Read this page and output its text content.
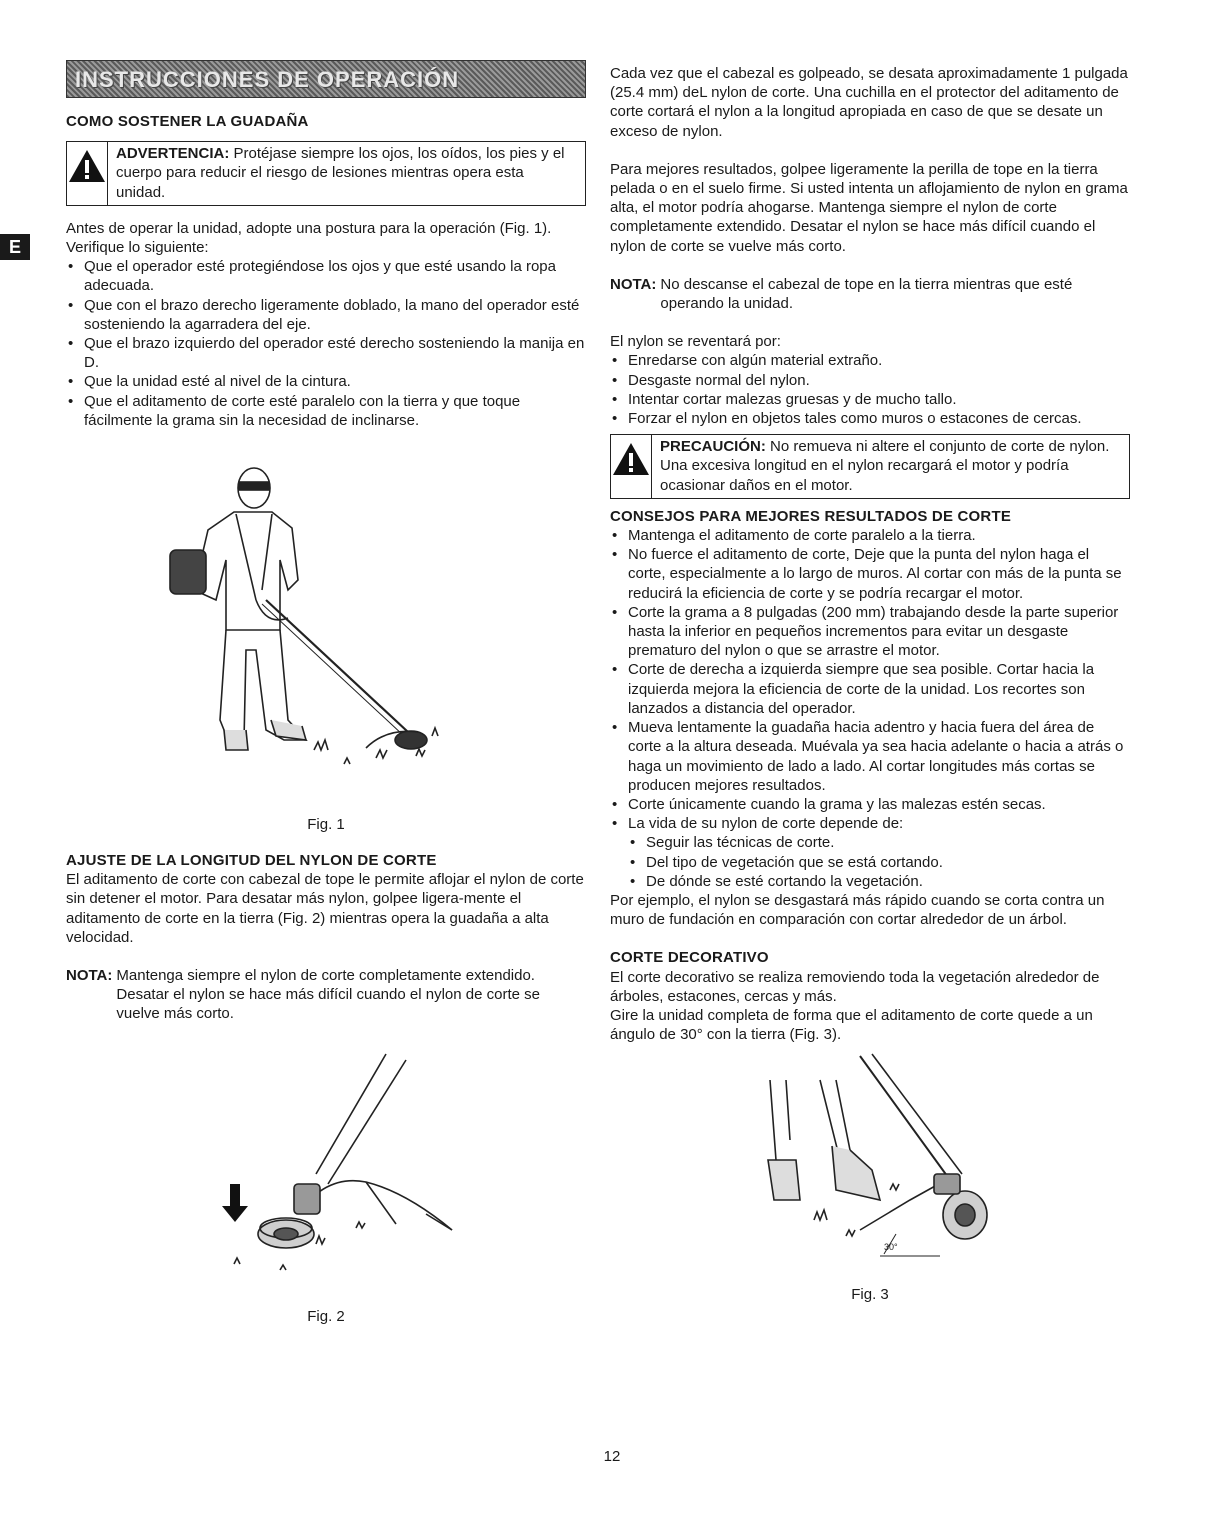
E
INSTRUCCIONES DE OPERACIÓN
COMO SOSTENER LA GUADAÑA
ADVERTENCIA: Protéjase siempre los ojos, los oídos, los pies y el cuerpo para reducir el riesgo de lesiones mientras opera esta unidad.

Antes de operar la unidad, adopte una postura para la operación (Fig. 1). Verifique lo siguiente:

• Que el operador esté protegiéndose los ojos y que esté usando la ropa adecuada.
• Que con el brazo derecho ligeramente doblado, la mano del operador esté sosteniendo la agarradera del eje.
• Que el brazo izquierdo del operador esté derecho sosteniendo la manija en D.
• Que la unidad esté al nivel de la cintura.
• Que el aditamento de corte esté paralelo con la tierra y que toque fácilmente la grama sin la necesidad de inclinarse.
Fig. 1
AJUSTE DE LA LONGITUD DEL NYLON DE CORTE

El aditamento de corte con cabezal de tope le permite aflojar el nylon de corte sin detener el motor. Para desatar más nylon, golpee ligera-mente el aditamento de corte en la tierra (Fig. 2) mientras opera la guadaña a alta velocidad.

NOTA: Mantenga siempre el nylon de corte completamente extendido. Desatar el nylon se hace más difícil cuando el nylon de corte se vuelve más corto.
Fig. 2

Cada vez que el cabezal es golpeado, se desata aproximadamente 1 pulgada (25.4 mm) deL nylon de corte. Una cuchilla en el protector del aditamento de corte cortará el nylon a la longitud apropiada en caso de que se desate un exceso de nylon.

Para mejores resultados, golpee ligeramente la perilla de tope en la tierra pelada o en el suelo firme. Si usted intenta un aflojamiento de nylon en grama alta, el motor podría ahogarse. Mantenga siempre el nylon de corte completamente extendido. Desatar el nylon se hace más difícil cuando el nylon de corte se vuelve más corto.

NOTA: No descanse el cabezal de tope en la tierra mientras que esté operando la unidad.

El nylon se reventará por:

• Enredarse con algún material extraño.
• Desgaste normal del nylon.
• Intentar cortar malezas gruesas y de mucho tallo.
• Forzar el nylon en objetos tales como muros o estacones de cercas.
PRECAUCIÓN: No remueva ni altere el conjunto de corte de nylon. Una excesiva longitud en el nylon recargará el motor y podría ocasionar daños en el motor.
CONSEJOS PARA MEJORES RESULTADOS DE CORTE
• Mantenga el aditamento de corte paralelo a la tierra.
• No fuerce el aditamento de corte, Deje que la punta del nylon haga el corte, especialmente a lo largo de muros. Al cortar con más de la punta se reducirá la eficiencia de corte y se podría recargar el motor.
• Corte la grama a 8 pulgadas (200 mm) trabajando desde la parte superior hasta la inferior en pequeños incrementos para evitar un desgaste prematuro del nylon o que se arrastre el motor.
• Corte de derecha a izquierda siempre que sea posible. Cortar hacia la izquierda mejora la eficiencia de corte de la unidad. Los recortes son lanzados a distancia del operador.
• Mueva lentamente la guadaña hacia adentro y hacia fuera del área de corte a la altura deseada. Muévala ya sea hacia adelante o hacia a atrás o haga un movimiento de lado a lado. Al cortar longitudes más cortas se producen mejores resultados.
• Corte únicamente cuando la grama y las malezas estén secas.
• La vida de su nylon de corte depende de:
• Seguir las técnicas de corte.
• Del tipo de vegetación que se está cortando.
• De dónde se esté cortando la vegetación.

Por ejemplo, el nylon se desgastará más rápido cuando se corta contra un muro de fundación en comparación con cortar alrededor de un árbol.

CORTE DECORATIVO

El corte decorativo se realiza removiendo toda la vegetación alrededor de árboles, estacones, cercas y más.

Gire la unidad completa de forma que el aditamento de corte quede a un ángulo de 30° con la tierra (Fig. 3).

30°
Fig. 3
12
